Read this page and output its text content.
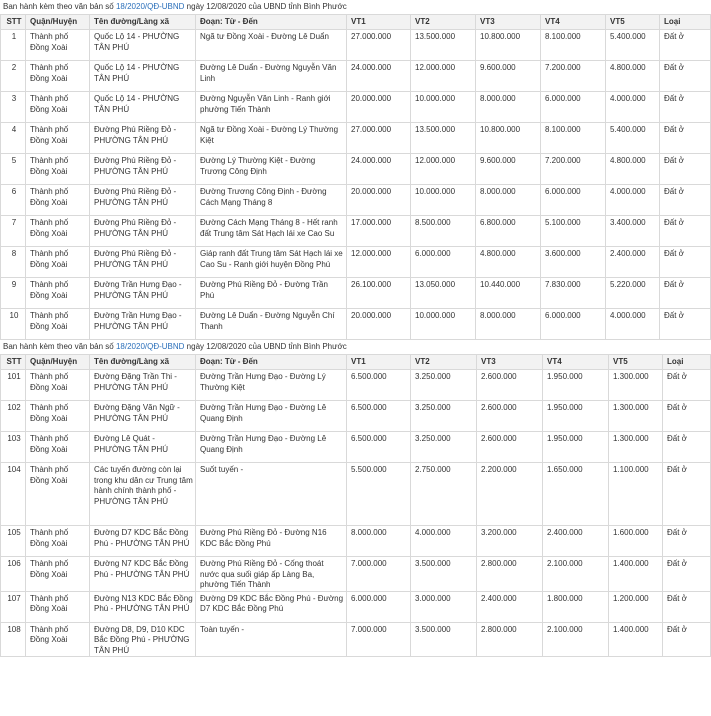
Ban hành kèm theo văn bản số 18/2020/QĐ-UBND ngày 12/08/2020 của UBND tỉnh Bình Phước
STT	Quận/Huyện	Tên đường/Làng xã	Đoạn: Từ - Đến	VT1	VT2	VT3	VT4	VT5	Loại
1	Thành phố Đồng Xoài	Quốc Lộ 14 - PHƯỜNG TÂN PHÚ	Ngã tư Đồng Xoài - Đường Lê Duẩn	27.000.000	13.500.000	10.800.000	8.100.000	5.400.000	Đất ở
2	Thành phố Đồng Xoài	Quốc Lộ 14 - PHƯỜNG TÂN PHÚ	Đường Lê Duẩn - Đường Nguyễn Văn Linh	24.000.000	12.000.000	9.600.000	7.200.000	4.800.000	Đất ở
3	Thành phố Đồng Xoài	Quốc Lộ 14 - PHƯỜNG TÂN PHÚ	Đường Nguyễn Văn Linh - Ranh giới phường Tiến Thành	20.000.000	10.000.000	8.000.000	6.000.000	4.000.000	Đất ở
4	Thành phố Đồng Xoài	Đường Phú Riềng Đỏ - PHƯỜNG TÂN PHÚ	Ngã tư Đồng Xoài - Đường Lý Thường Kiệt	27.000.000	13.500.000	10.800.000	8.100.000	5.400.000	Đất ở
5	Thành phố Đồng Xoài	Đường Phú Riềng Đỏ - PHƯỜNG TÂN PHÚ	Đường Lý Thường Kiệt - Đường Trương Công Định	24.000.000	12.000.000	9.600.000	7.200.000	4.800.000	Đất ở
6	Thành phố Đồng Xoài	Đường Phú Riềng Đỏ - PHƯỜNG TÂN PHÚ	Đường Trương Công Định - Đường Cách Mạng Tháng 8	20.000.000	10.000.000	8.000.000	6.000.000	4.000.000	Đất ở
7	Thành phố Đồng Xoài	Đường Phú Riềng Đỏ - PHƯỜNG TÂN PHÚ	Đường Cách Mạng Tháng 8 - Hết ranh đất Trung tâm Sát Hạch lái xe Cao Su	17.000.000	8.500.000	6.800.000	5.100.000	3.400.000	Đất ở
8	Thành phố Đồng Xoài	Đường Phú Riềng Đỏ - PHƯỜNG TÂN PHÚ	Giáp ranh đất Trung tâm Sát Hạch lái xe Cao Su - Ranh giới huyện Đồng Phú	12.000.000	6.000.000	4.800.000	3.600.000	2.400.000	Đất ở
9	Thành phố Đồng Xoài	Đường Trần Hưng Đạo - PHƯỜNG TÂN PHÚ	Đường Phú Riềng Đỏ - Đường Trần Phú	26.100.000	13.050.000	10.440.000	7.830.000	5.220.000	Đất ở
10	Thành phố Đồng Xoài	Đường Trần Hưng Đạo - PHƯỜNG TÂN PHÚ	Đường Lê Duẩn - Đường Nguyễn Chí Thanh	20.000.000	10.000.000	8.000.000	6.000.000	4.000.000	Đất ở
Ban hành kèm theo văn bản số 18/2020/QĐ-UBND ngày 12/08/2020 của UBND tỉnh Bình Phước
STT	Quận/Huyện	Tên đường/Làng xã	Đoạn: Từ - Đến	VT1	VT2	VT3	VT4	VT5	Loại
101	Thành phố Đồng Xoài	Đường Đặng Trần Thi - PHƯỜNG TÂN PHÚ	Đường Trần Hưng Đạo - Đường Lý Thường Kiệt	6.500.000	3.250.000	2.600.000	1.950.000	1.300.000	Đất ở
102	Thành phố Đồng Xoài	Đường Đặng Văn Ngữ - PHƯỜNG TÂN PHÚ	Đường Trần Hưng Đạo - Đường Lê Quang Định	6.500.000	3.250.000	2.600.000	1.950.000	1.300.000	Đất ở
103	Thành phố Đồng Xoài	Đường Lê Quát - PHƯỜNG TÂN PHÚ	Đường Trần Hưng Đạo - Đường Lê Quang Định	6.500.000	3.250.000	2.600.000	1.950.000	1.300.000	Đất ở
104	Thành phố Đồng Xoài	Các tuyến đường còn lại trong khu dân cư Trung tâm hành chính thành phố - PHƯỜNG TÂN PHÚ	Suốt tuyến -	5.500.000	2.750.000	2.200.000	1.650.000	1.100.000	Đất ở
105	Thành phố Đồng Xoài	Đường D7 KDC Bắc Đồng Phú - PHƯỜNG TÂN PHÚ	Đường Phú Riềng Đỏ - Đường N16 KDC Bắc Đồng Phú	8.000.000	4.000.000	3.200.000	2.400.000	1.600.000	Đất ở
106	Thành phố Đồng Xoài	Đường N7 KDC Bắc Đồng Phú - PHƯỜNG TÂN PHÚ	Đường Phú Riềng Đỏ - Cống thoát nước qua suối giáp ấp Làng Ba, phường Tiến Thành	7.000.000	3.500.000	2.800.000	2.100.000	1.400.000	Đất ở
107	Thành phố Đồng Xoài	Đường N13 KDC Bắc Đồng Phú - PHƯỜNG TÂN PHÚ	Đường D9 KDC Bắc Đồng Phú - Đường D7 KDC Bắc Đồng Phú	6.000.000	3.000.000	2.400.000	1.800.000	1.200.000	Đất ở
108	Thành phố Đồng Xoài	Đường D8, D9, D10 KDC Bắc Đồng Phú - PHƯỜNG TÂN PHÚ	Toàn tuyến -	7.000.000	3.500.000	2.800.000	2.100.000	1.400.000	Đất ở
